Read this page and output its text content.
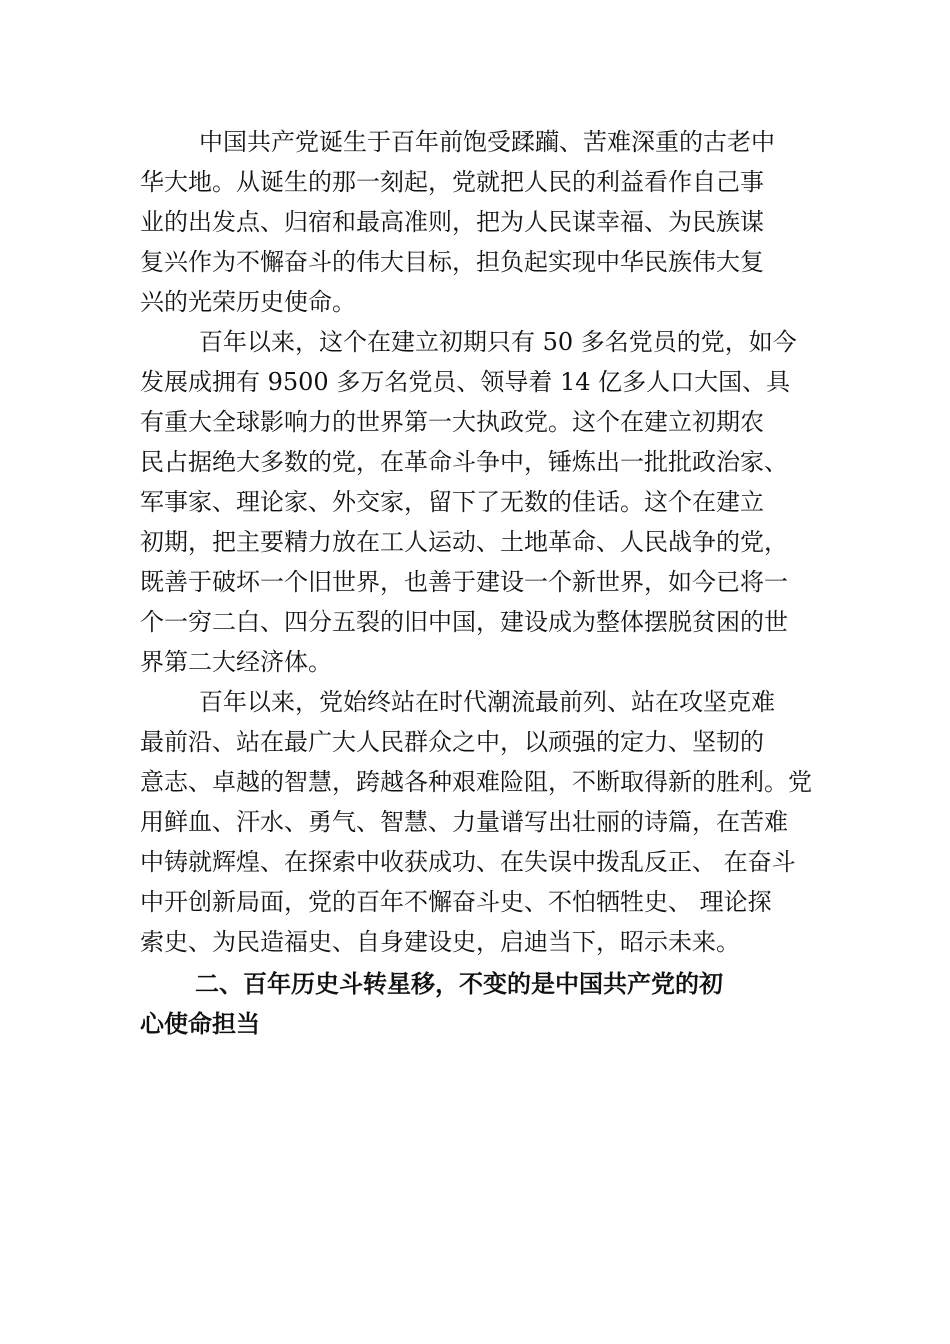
中国共产党诞生于百年前饱受蹂躏、苦难深重的古老中
华大地。从诞生的那一刻起，党就把人民的利益看作自己事
业的出发点、归宿和最高准则，把为人民谋幸福、为民族谋
复兴作为不懈奋斗的伟大目标，担负起实现中华民族伟大复
兴的光荣历史使命。
百年以来，这个在建立初期只有 50 多名党员的党，如今
发展成拥有 9500 多万名党员、领导着 14 亿多人口大国、具
有重大全球影响力的世界第一大执政党。这个在建立初期农
民占据绝大多数的党，在革命斗争中，锤炼出一批批政治家、
军事家、理论家、外交家，留下了无数的佳话。这个在建立
初期，把主要精力放在工人运动、土地革命、人民战争的党，
既善于破坏一个旧世界，也善于建设一个新世界，如今已将一
个一穷二白、四分五裂的旧中国，建设成为整体摆脱贫困的世
界第二大经济体。
百年以来，党始终站在时代潮流最前列、站在攻坚克难
最前沿、站在最广大人民群众之中，以顽强的定力、坚韧的
意志、卓越的智慧，跨越各种艰难险阻，不断取得新的胜利。党
用鲜血、汗水、勇气、智慧、力量谱写出壮丽的诗篇，在苦难
中铸就辉煌、在探索中收获成功、在失误中拨乱反正、 在奋斗
中开创新局面，党的百年不懈奋斗史、不怕牺牲史、 理论探
索史、为民造福史、自身建设史，启迪当下，昭示未来。
二、百年历史斗转星移，不变的是中国共产党的初
心使命担当
